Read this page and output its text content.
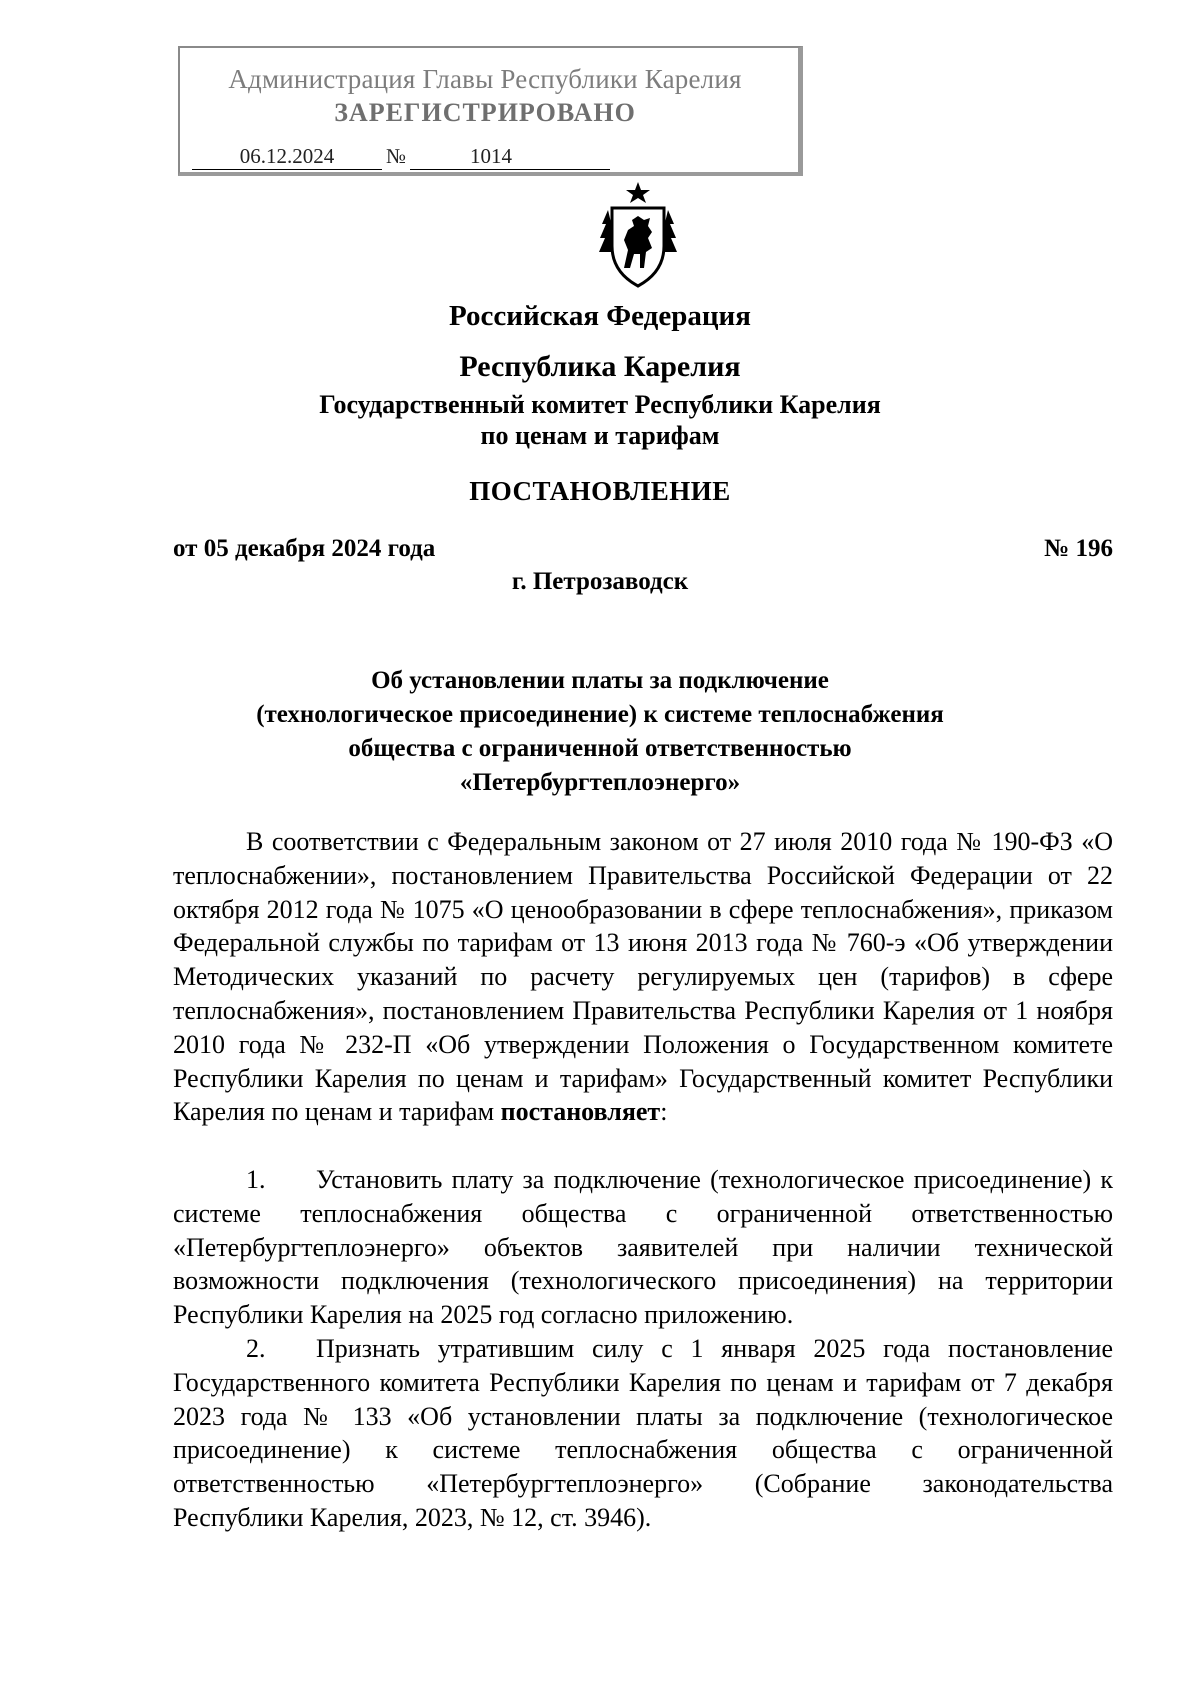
Администрация Главы Республики Карелия
ЗАРЕГИСТРИРОВАНО
06.12.2024	№	1014
Российская Федерация
Республика Карелия
Государственный комитет Республики Карелия
по ценам и тарифам
ПОСТАНОВЛЕНИЕ
от 05 декабря 2024 года	№ 196
г. Петрозаводск
Об установлении платы за подключение
(технологическое присоединение) к системе теплоснабжения
общества с ограниченной ответственностью
«Петербургтеплоэнерго»
В соответствии с Федеральным законом от 27 июля 2010 года № 190-ФЗ «О теплоснабжении», постановлением Правительства Российской Федерации от 22 октября 2012 года № 1075 «О ценообразовании в сфере теплоснабжения», приказом Федеральной службы по тарифам от 13 июня 2013 года № 760-э «Об утверждении Методических указаний по расчету регулируемых цен (тарифов) в сфере теплоснабжения», постановлением Правительства Республики Карелия от 1 ноября 2010 года № 232-П «Об утверждении Положения о Государственном комитете Республики Карелия по ценам и тарифам» Государственный комитет Республики Карелия по ценам и тарифам постановляет:
1. Установить плату за подключение (технологическое присоединение) к системе теплоснабжения общества с ограниченной ответственностью «Петербургтеплоэнерго» объектов заявителей при наличии технической возможности подключения (технологического присоединения) на территории Республики Карелия на 2025 год согласно приложению.
2. Признать утратившим силу с 1 января 2025 года постановление Государственного комитета Республики Карелия по ценам и тарифам от 7 декабря 2023 года № 133 «Об установлении платы за подключение (технологическое присоединение) к системе теплоснабжения общества с ограниченной ответственностью «Петербургтеплоэнерго» (Собрание законодательства Республики Карелия, 2023, № 12, ст. 3946).
